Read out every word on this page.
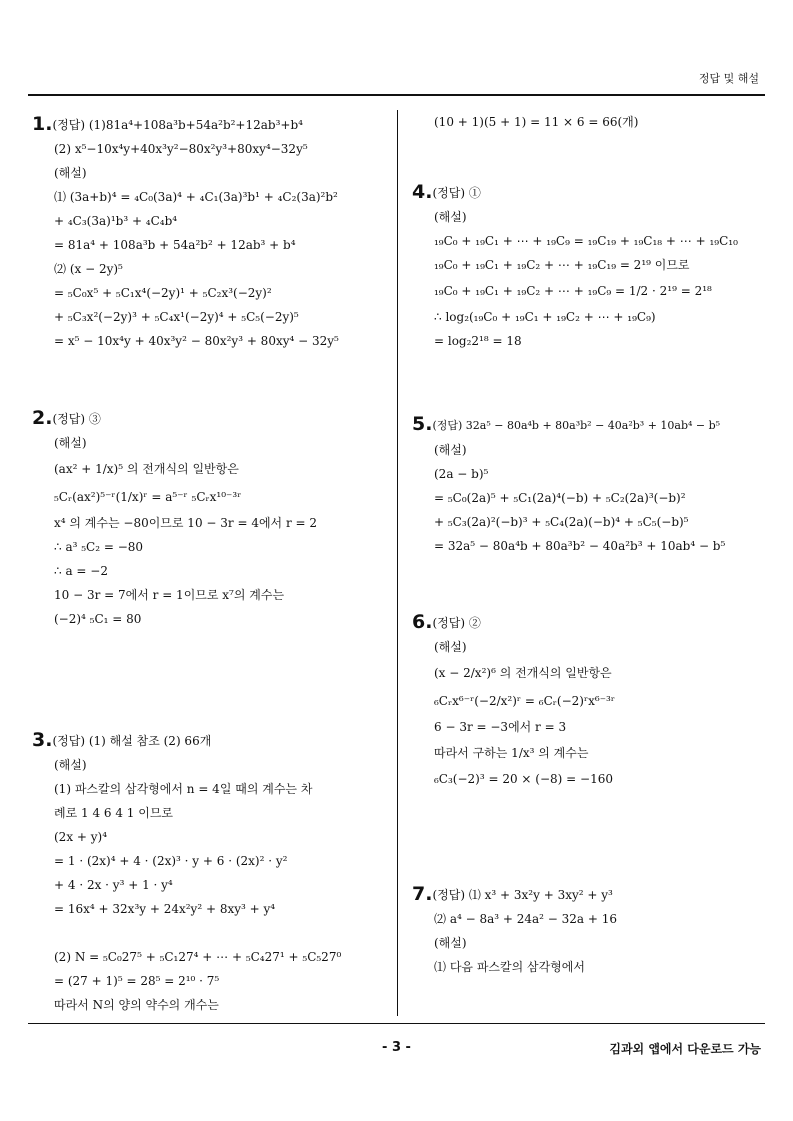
정답 및 해설
1.(정답) (1)81a⁴+108a³b+54a²b²+12ab³+b⁴
(2) x⁵−10x⁴y+40x³y²−80x²y³+80xy⁴−32y⁵
(해설)
⑴ (3a+b)⁴ = ₄C₀(3a)⁴ + ₄C₁(3a)³b¹ + ₄C₂(3a)²b²
+ ₄C₃(3a)¹b³ + ₄C₄b⁴
= 81a⁴ + 108a³b + 54a²b² + 12ab³ + b⁴
⑵ (x − 2y)⁵
= ₅C₀x⁵ + ₅C₁x⁴(−2y)¹ + ₅C₂x³(−2y)²
+ ₅C₃x²(−2y)³ + ₅C₄x¹(−2y)⁴ + ₅C₅(−2y)⁵
= x⁵ − 10x⁴y + 40x³y² − 80x²y³ + 80xy⁴ − 32y⁵
2.(정답) ③
(해설)
(ax² + 1/x)⁵ 의 전개식의 일반항은
₅Cᵣ(ax²)⁵⁻ʳ(1/x)ʳ = a⁵⁻ʳ ₅Cᵣx¹⁰⁻³ʳ
x⁴ 의 계수는 −80이므로 10 − 3r = 4에서 r = 2
∴ a³ ₅C₂ = −80
∴ a = −2
10 − 3r = 7에서 r = 1이므로 x⁷의 계수는
(−2)⁴ ₅C₁ = 80
3.(정답) (1) 해설 참조 (2) 66개
(해설)
(1) 파스칼의 삼각형에서 n = 4일 때의 계수는 차
례로 1 4 6 4 1 이므로
(2x + y)⁴
= 1 · (2x)⁴ + 4 · (2x)³ · y + 6 · (2x)² · y²
+ 4 · 2x · y³ + 1 · y⁴
= 16x⁴ + 32x³y + 24x²y² + 8xy³ + y⁴

(2) N = ₅C₀27⁵ + ₅C₁27⁴ + ⋯ + ₅C₄27¹ + ₅C₅27⁰
= (27 + 1)⁵ = 28⁵ = 2¹⁰ · 7⁵
따라서 N의 양의 약수의 개수는
(10 + 1)(5 + 1) = 11 × 6 = 66(개)
4.(정답) ①
(해설)
₁₉C₀ + ₁₉C₁ + ⋯ + ₁₉C₉ = ₁₉C₁₉ + ₁₉C₁₈ + ⋯ + ₁₉C₁₀
₁₉C₀ + ₁₉C₁ + ₁₉C₂ + ⋯ + ₁₉C₁₉ = 2¹⁹ 이므로
₁₉C₀ + ₁₉C₁ + ₁₉C₂ + ⋯ + ₁₉C₉ = 1/2 · 2¹⁹ = 2¹⁸
∴ log₂(₁₉C₀ + ₁₉C₁ + ₁₉C₂ + ⋯ + ₁₉C₉)
= log₂2¹⁸ = 18
5.(정답) 32a⁵ − 80a⁴b + 80a³b² − 40a²b³ + 10ab⁴ − b⁵
(해설)
(2a − b)⁵
= ₅C₀(2a)⁵ + ₅C₁(2a)⁴(−b) + ₅C₂(2a)³(−b)²
+ ₅C₃(2a)²(−b)³ + ₅C₄(2a)(−b)⁴ + ₅C₅(−b)⁵
= 32a⁵ − 80a⁴b + 80a³b² − 40a²b³ + 10ab⁴ − b⁵
6.(정답) ②
(해설)
(x − 2/x²)⁶ 의 전개식의 일반항은
₆Cᵣx⁶⁻ʳ(−2/x²)ʳ = ₆Cᵣ(−2)ʳx⁶⁻³ʳ
6 − 3r = −3에서 r = 3
따라서 구하는 1/x³ 의 계수는
₆C₃(−2)³ = 20 × (−8) = −160
7.(정답) ⑴ x³ + 3x²y + 3xy² + y³
⑵ a⁴ − 8a³ + 24a² − 32a + 16
(해설)
⑴ 다음 파스칼의 삼각형에서
- 3 -	김과외 앱에서 다운로드 가능
